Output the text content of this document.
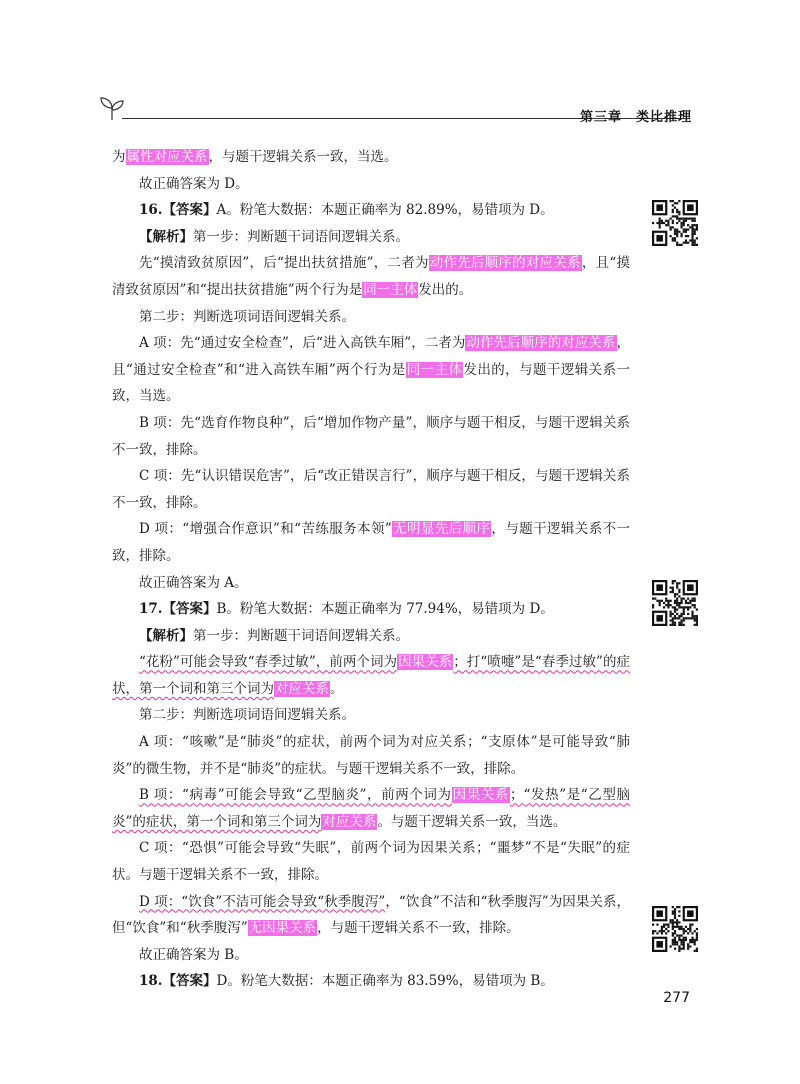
第三章 类比推理

为属性对应关系，与题干逻辑关系一致，当选。

故正确答案为 D。

16.【答案】A。粉笔大数据：本题正确率为 82.89%，易错项为 D。

【解析】第一步：判断题干词语间逻辑关系。

先“摸清致贫原因”，后“提出扶贫措施”，二者为动作先后顺序的对应关系，且“摸清致贫原因”和“提出扶贫措施”两个行为是同一主体发出的。

第二步：判断选项词语间逻辑关系。

A 项：先“通过安全检查”，后“进入高铁车厢”，二者为动作先后顺序的对应关系，且“通过安全检查”和“进入高铁车厢”两个行为是同一主体发出的，与题干逻辑关系一致，当选。

B 项：先“选育作物良种”，后“增加作物产量”，顺序与题干相反，与题干逻辑关系不一致，排除。

C 项：先“认识错误危害”，后“改正错误言行”，顺序与题干相反，与题干逻辑关系不一致，排除。

D 项：“增强合作意识”和“苦练服务本领”无明显先后顺序，与题干逻辑关系不一致，排除。

故正确答案为 A。

17.【答案】B。粉笔大数据：本题正确率为 77.94%，易错项为 D。

【解析】第一步：判断题干词语间逻辑关系。

“花粉”可能会导致“春季过敏”，前两个词为因果关系；打“喷嚏”是“春季过敏”的症状，第一个词和第三个词为对应关系。

第二步：判断选项词语间逻辑关系。

A 项：“咳嗽”是“肺炎”的症状，前两个词为对应关系；“支原体”是可能导致“肺炎”的微生物，并不是“肺炎”的症状。与题干逻辑关系不一致，排除。

B 项：“病毒”可能会导致“乙型脑炎”，前两个词为因果关系；“发热”是“乙型脑炎”的症状，第一个词和第三个词为对应关系。与题干逻辑关系一致，当选。

C 项：“恐惧”可能会导致“失眠”，前两个词为因果关系；“噩梦”不是“失眠”的症状。与题干逻辑关系不一致，排除。

D 项：“饮食”不洁可能会导致“秋季腹泻”，“饮食”不洁和“秋季腹泻”为因果关系，但“饮食”和“秋季腹泻”无因果关系，与题干逻辑关系不一致，排除。

故正确答案为 B。

18.【答案】D。粉笔大数据：本题正确率为 83.59%，易错项为 B。

277
